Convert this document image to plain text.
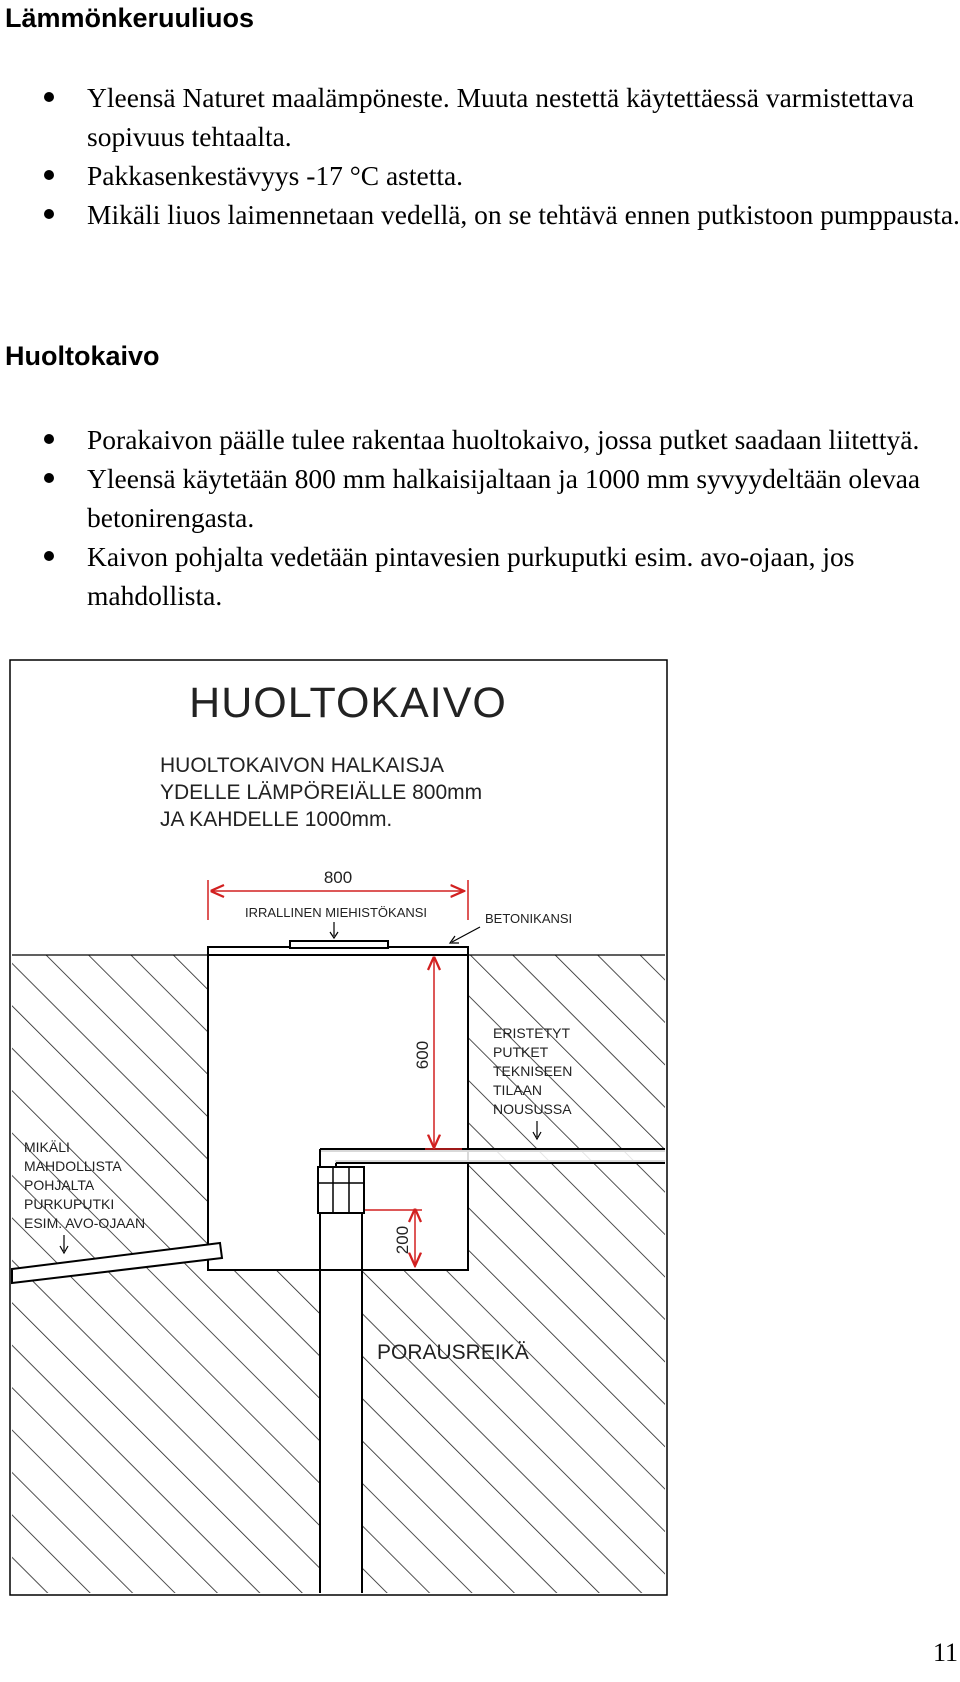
Lämmönkeruuliuos
Yleensä Naturet maalämpöneste. Muuta nestettä käytettäessä varmistettava sopivuus tehtaalta.
Pakkasenkestävyys -17 °C astetta.
Mikäli liuos laimennetaan vedellä, on se tehtävä ennen putkistoon pumppausta.
Huoltokaivo
Porakaivon päälle tulee rakentaa huoltokaivo, jossa putket saadaan liitettyä.
Yleensä käytetään 800 mm halkaisijaltaan ja 1000 mm syvyydeltään olevaa betonirengasta.
Kaivon pohjalta vedetään pintavesien purkuputki esim. avo-ojaan, jos mahdollista.
800
600
200
HUOLTOKAIVO
HUOLTOKAIVON HALKAISJA
YDELLE LÄMPÖREIÄLLE 800mm
JA KAHDELLE 1000mm.
IRRALLINEN MIEHISTÖKANSI	BETONIKANSI
ERISTETYT
PUTKET
TEKNISEEN
TILAAN
NOUSUSSA
MIKÄLI
MAHDOLLISTA
POHJALTA
PURKUPUTKI
ESIM. AVO-OJAAN
PORAUSREIKÄ
11
